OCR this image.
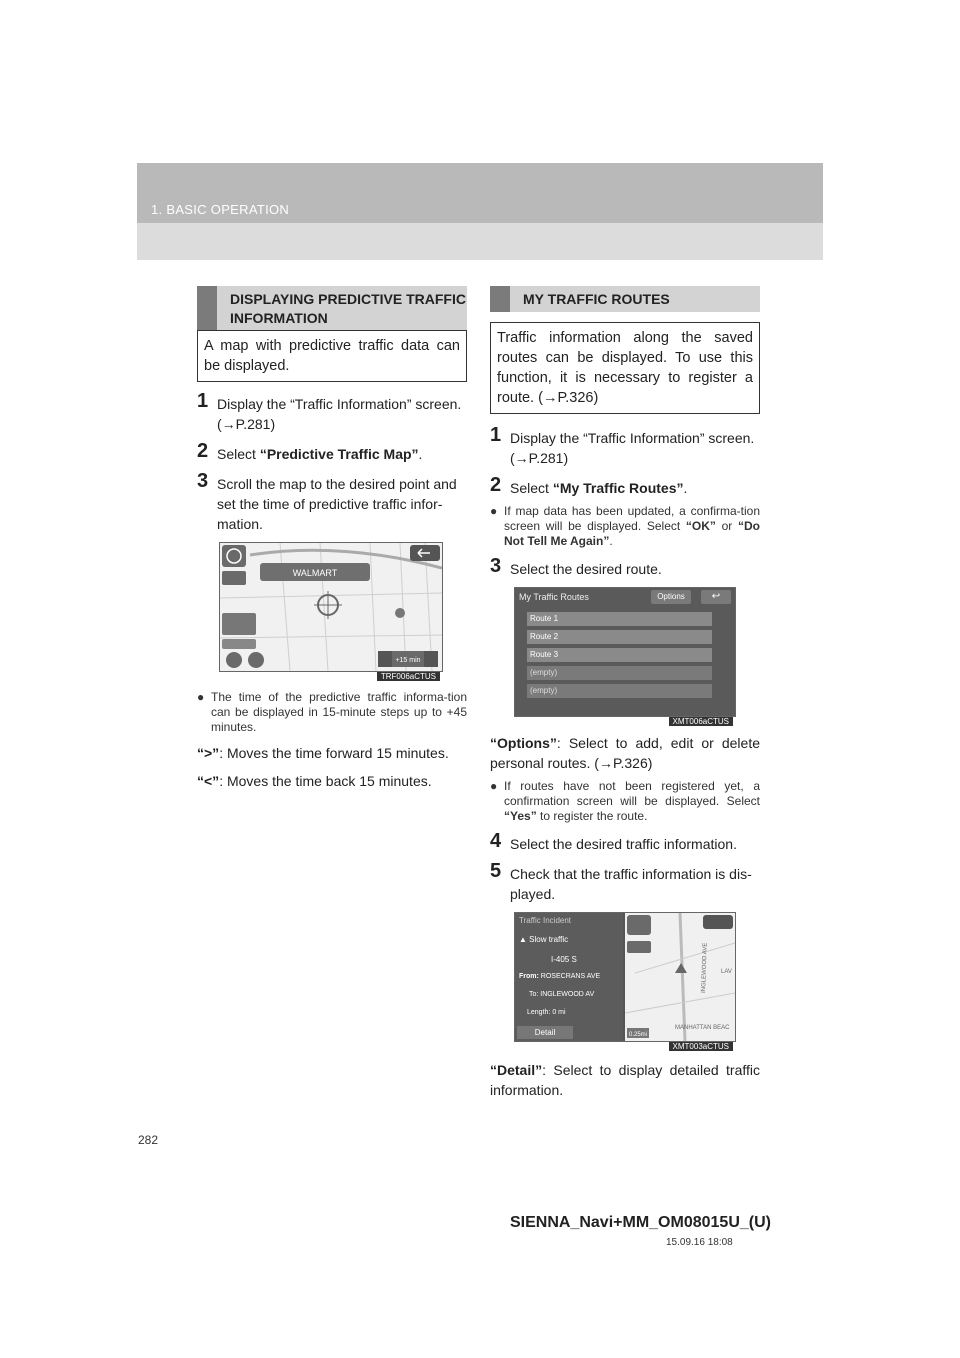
1. BASIC OPERATION
DISPLAYING PREDICTIVE TRAFFIC INFORMATION
A map with predictive traffic data can be displayed.
1 Display the “Traffic Information” screen. (→P.281)
2 Select “Predictive Traffic Map”.
3 Scroll the map to the desired point and set the time of predictive traffic infor-mation.
WALMART
+15 min
TRF006aCTUS
● The time of the predictive traffic informa-tion can be displayed in 15-minute steps up to +45 minutes.
“>”: Moves the time forward 15 minutes.
“<”: Moves the time back 15 minutes.
MY TRAFFIC ROUTES
Traffic information along the saved routes can be displayed. To use this function, it is necessary to register a route. (→P.326)
1 Display the “Traffic Information” screen. (→P.281)
2 Select “My Traffic Routes”.
● If map data has been updated, a confirma-tion screen will be displayed. Select “OK” or “Do Not Tell Me Again”.
3 Select the desired route.
My Traffic Routes	Options	↩
Route 1
Route 2
Route 3
(empty)
(empty)
XMT006aCTUS
“Options”: Select to add, edit or delete personal routes. (→P.326)
● If routes have not been registered yet, a confirmation screen will be displayed. Select “Yes” to register the route.
4 Select the desired traffic information.
5 Check that the traffic information is dis-played.
Traffic Incident
▲ Slow traffic
I-405 S
From: ROSECRANS AVE
To: INGLEWOOD AV
Length: 0 mi
Detail
INGLEWOOD AVE
MANHATTAN BEAC
LAV
0.25mi
XMT003aCTUS
“Detail”: Select to display detailed traffic information.
282
SIENNA_Navi+MM_OM08015U_(U)
15.09.16 18:08
